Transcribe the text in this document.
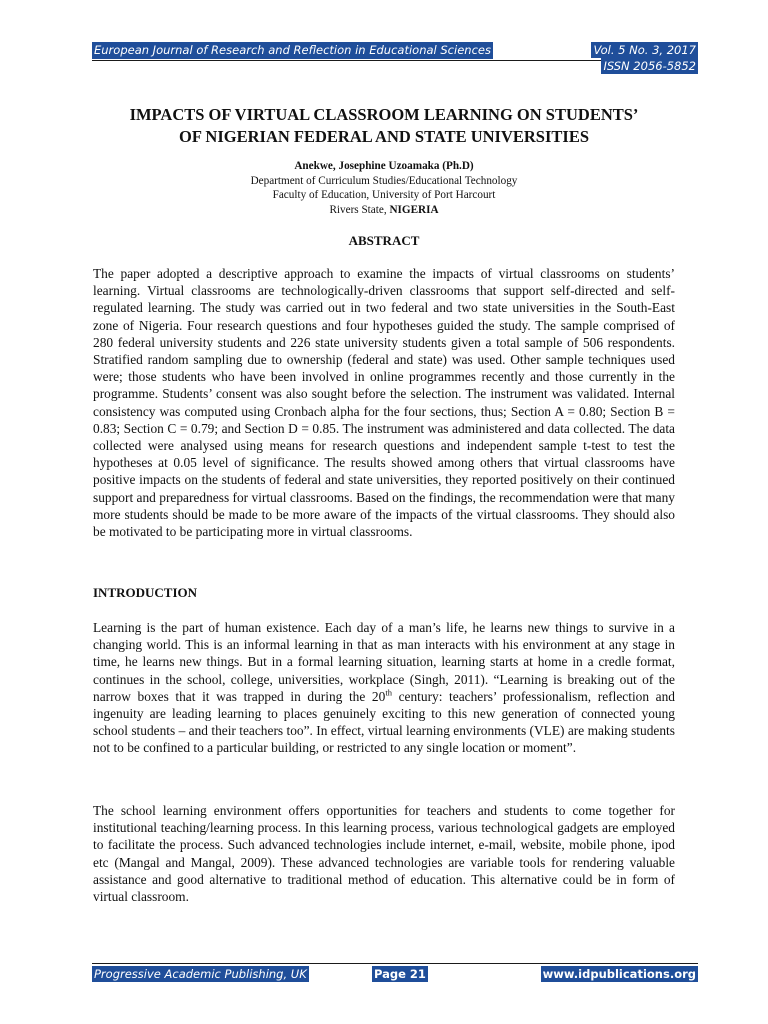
European Journal of Research and Reflection in Educational Sciences	Vol. 5 No. 3, 2017
ISSN 2056-5852
IMPACTS OF VIRTUAL CLASSROOM LEARNING ON STUDENTS’
OF NIGERIAN FEDERAL AND STATE UNIVERSITIES
Anekwe, Josephine Uzoamaka (Ph.D)
Department of Curriculum Studies/Educational Technology
Faculty of Education, University of Port Harcourt
Rivers State, NIGERIA
ABSTRACT

The paper adopted a descriptive approach to examine the impacts of virtual classrooms on students’ learning. Virtual classrooms are technologically-driven classrooms that support self-directed and self-regulated learning. The study was carried out in two federal and two state universities in the South-East zone of Nigeria. Four research questions and four hypotheses guided the study. The sample comprised of 280 federal university students and 226 state university students given a total sample of 506 respondents. Stratified random sampling due to ownership (federal and state) was used. Other sample techniques used were; those students who have been involved in online programmes recently and those currently in the programme. Students’ consent was also sought before the selection. The instrument was validated. Internal consistency was computed using Cronbach alpha for the four sections, thus; Section A = 0.80; Section B = 0.83; Section C = 0.79; and Section D = 0.85. The instrument was administered and data collected. The data collected were analysed using means for research questions and independent sample t-test to test the hypotheses at 0.05 level of significance. The results showed among others that virtual classrooms have positive impacts on the students of federal and state universities, they reported positively on their continued support and preparedness for virtual classrooms. Based on the findings, the recommendation were that many more students should be made to be more aware of the impacts of the virtual classrooms. They should also be motivated to be participating more in virtual classrooms.

INTRODUCTION

Learning is the part of human existence. Each day of a man’s life, he learns new things to survive in a changing world. This is an informal learning in that as man interacts with his environment at any stage in time, he learns new things. But in a formal learning situation, learning starts at home in a credle format, continues in the school, college, universities, workplace (Singh, 2011). “Learning is breaking out of the narrow boxes that it was trapped in during the 20th century: teachers’ professionalism, reflection and ingenuity are leading learning to places genuinely exciting to this new generation of connected young school students – and their teachers too”. In effect, virtual learning environments (VLE) are making students not to be confined to a particular building, or restricted to any single location or moment”.

The school learning environment offers opportunities for teachers and students to come together for institutional teaching/learning process. In this learning process, various technological gadgets are employed to facilitate the process. Such advanced technologies include internet, e-mail, website, mobile phone, ipod etc (Mangal and Mangal, 2009). These advanced technologies are variable tools for rendering valuable assistance and good alternative to traditional method of education. This alternative could be in form of virtual classroom.

Progressive Academic Publishing, UK	Page 21	www.idpublications.org
